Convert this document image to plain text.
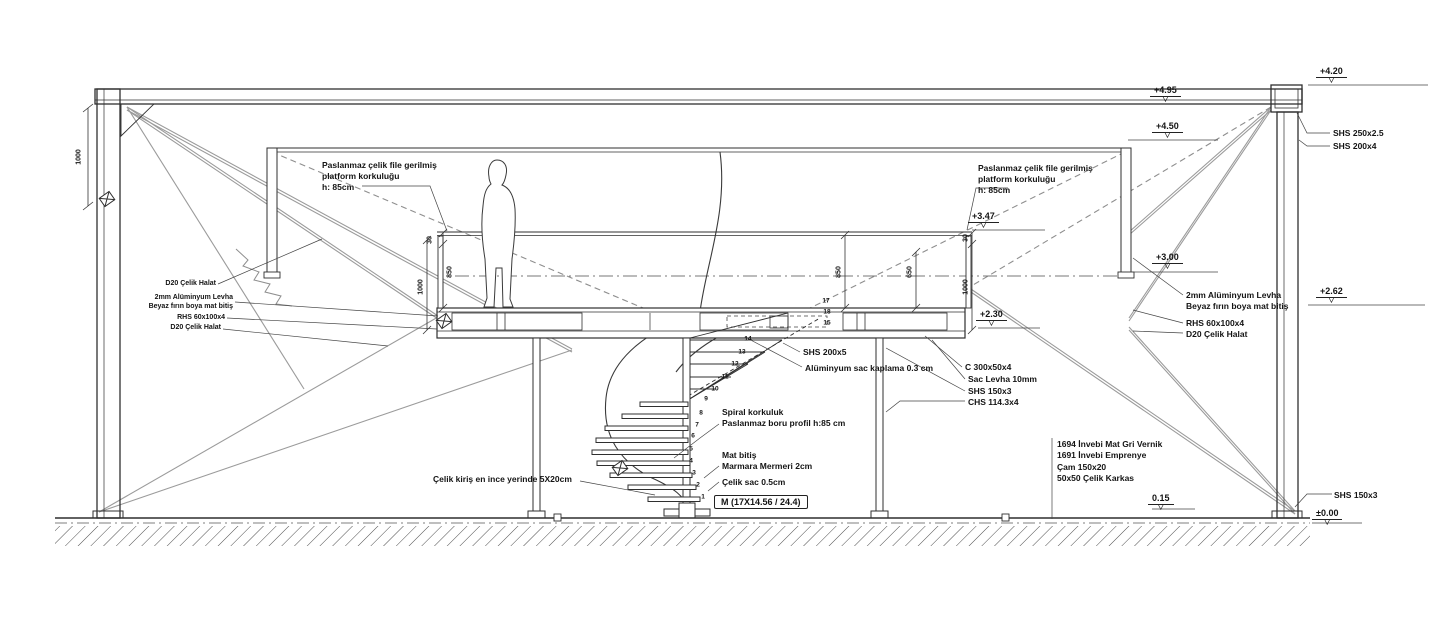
+4.20
▽
+4.95
▽
+4.50
▽
+3.47
▽
+3.00
▽
+2.62
▽
+2.30
▽
0.15
▽
±0.00
▽
1000
30
850
1000
850	650
1000
30
Paslanmaz çelik file gerilmiş
platform korkuluğu
h: 85cm
Paslanmaz çelik file gerilmiş
platform korkuluğu
h: 85cm
SHS 250x2.5
SHS 200x4
D20 Çelik Halat
2mm Alüminyum Levha
Beyaz fırın boya mat bitiş
RHS 60x100x4
D20 Çelik Halat
2mm Alüminyum Levha
Beyaz fırın boya mat bitiş
RHS 60x100x4
D20 Çelik Halat
SHS 200x5
Alüminyum sac kaplama 0.3 cm	C 300x50x4
Sac Levha 10mm
SHS 150x3
CHS 114.3x4
Spiral korkuluk
Paslanmaz boru profil h:85 cm
Mat bitiş
Marmara Mermeri 2cm
Çelik sac 0.5cm
Çelik kiriş en ince yerinde 5X20cm
1694 İnvebi Mat Gri Vernik
1691 İnvebi Emprenye
Çam 150x20
50x50 Çelik Karkas
SHS 150x3
M (17X14.56 / 24.4)
1
2
3
4
5
6
7
8
9
10
11
12
13
14
15
17
18
